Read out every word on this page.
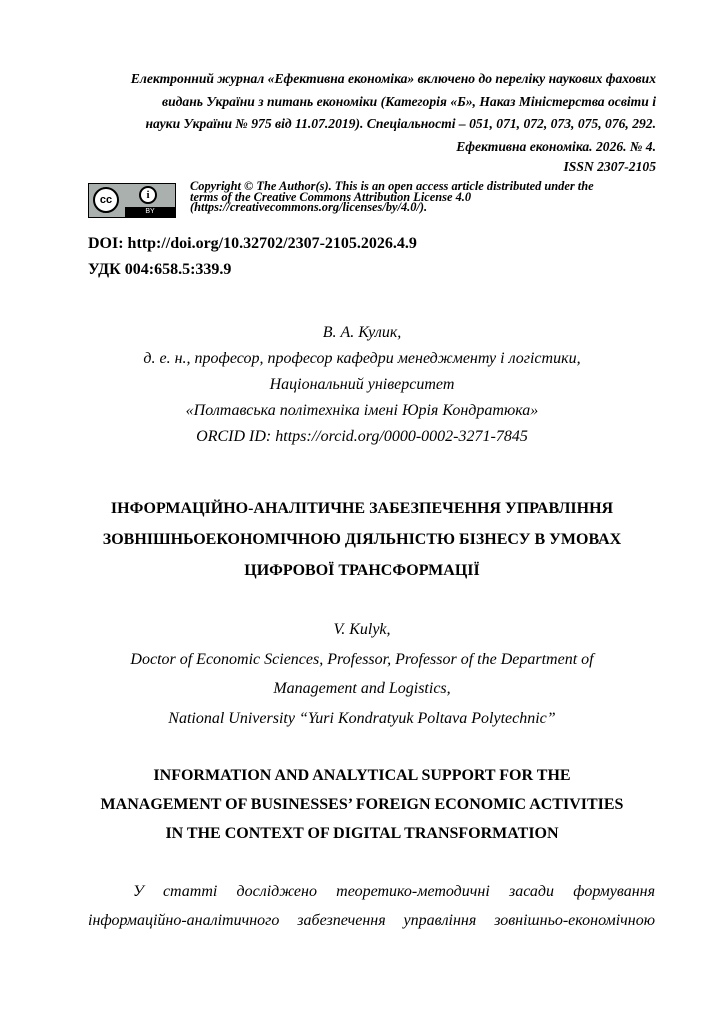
Електронний журнал «Ефективна економіка» включено до переліку наукових фахових
видань України з питань економіки (Категорія «Б», Наказ Міністерства освіти і
науки України № 975 від 11.07.2019). Спеціальності – 051, 071, 072, 073, 075, 076, 292.
Ефективна економіка. 2026. № 4.
ISSN 2307-2105
cc	i
BY
Copyright © The Author(s). This is an open access article distributed under the
terms of the Creative Commons Attribution License 4.0
(https://creativecommons.org/licenses/by/4.0/).
DOI: http://doi.org/10.32702/2307-2105.2026.4.9
УДК 004:658.5:339.9
В. А. Кулик,
д. е. н., професор, професор кафедри менеджменту і логістики,
Національний університет
«Полтавська політехніка імені Юрія Кондратюка»
ORCID ID: https://orcid.org/0000-0002-3271-7845
ІНФОРМАЦІЙНО-АНАЛІТИЧНЕ ЗАБЕЗПЕЧЕННЯ УПРАВЛІННЯ
ЗОВНІШНЬОЕКОНОМІЧНОЮ ДІЯЛЬНІСТЮ БІЗНЕСУ В УМОВАХ
ЦИФРОВОЇ ТРАНСФОРМАЦІЇ
V. Kulyk,
Doctor of Economic Sciences, Professor, Professor of the Department of
Management and Logistics,
National University “Yuri Kondratyuk Poltava Polytechnic”
INFORMATION AND ANALYTICAL SUPPORT FOR THE
MANAGEMENT OF BUSINESSES’ FOREIGN ECONOMIC ACTIVITIES
IN THE CONTEXT OF DIGITAL TRANSFORMATION
У статті досліджено теоретико-методичні засади формування
інформаційно-аналітичного забезпечення управління зовнішньо-економічною
